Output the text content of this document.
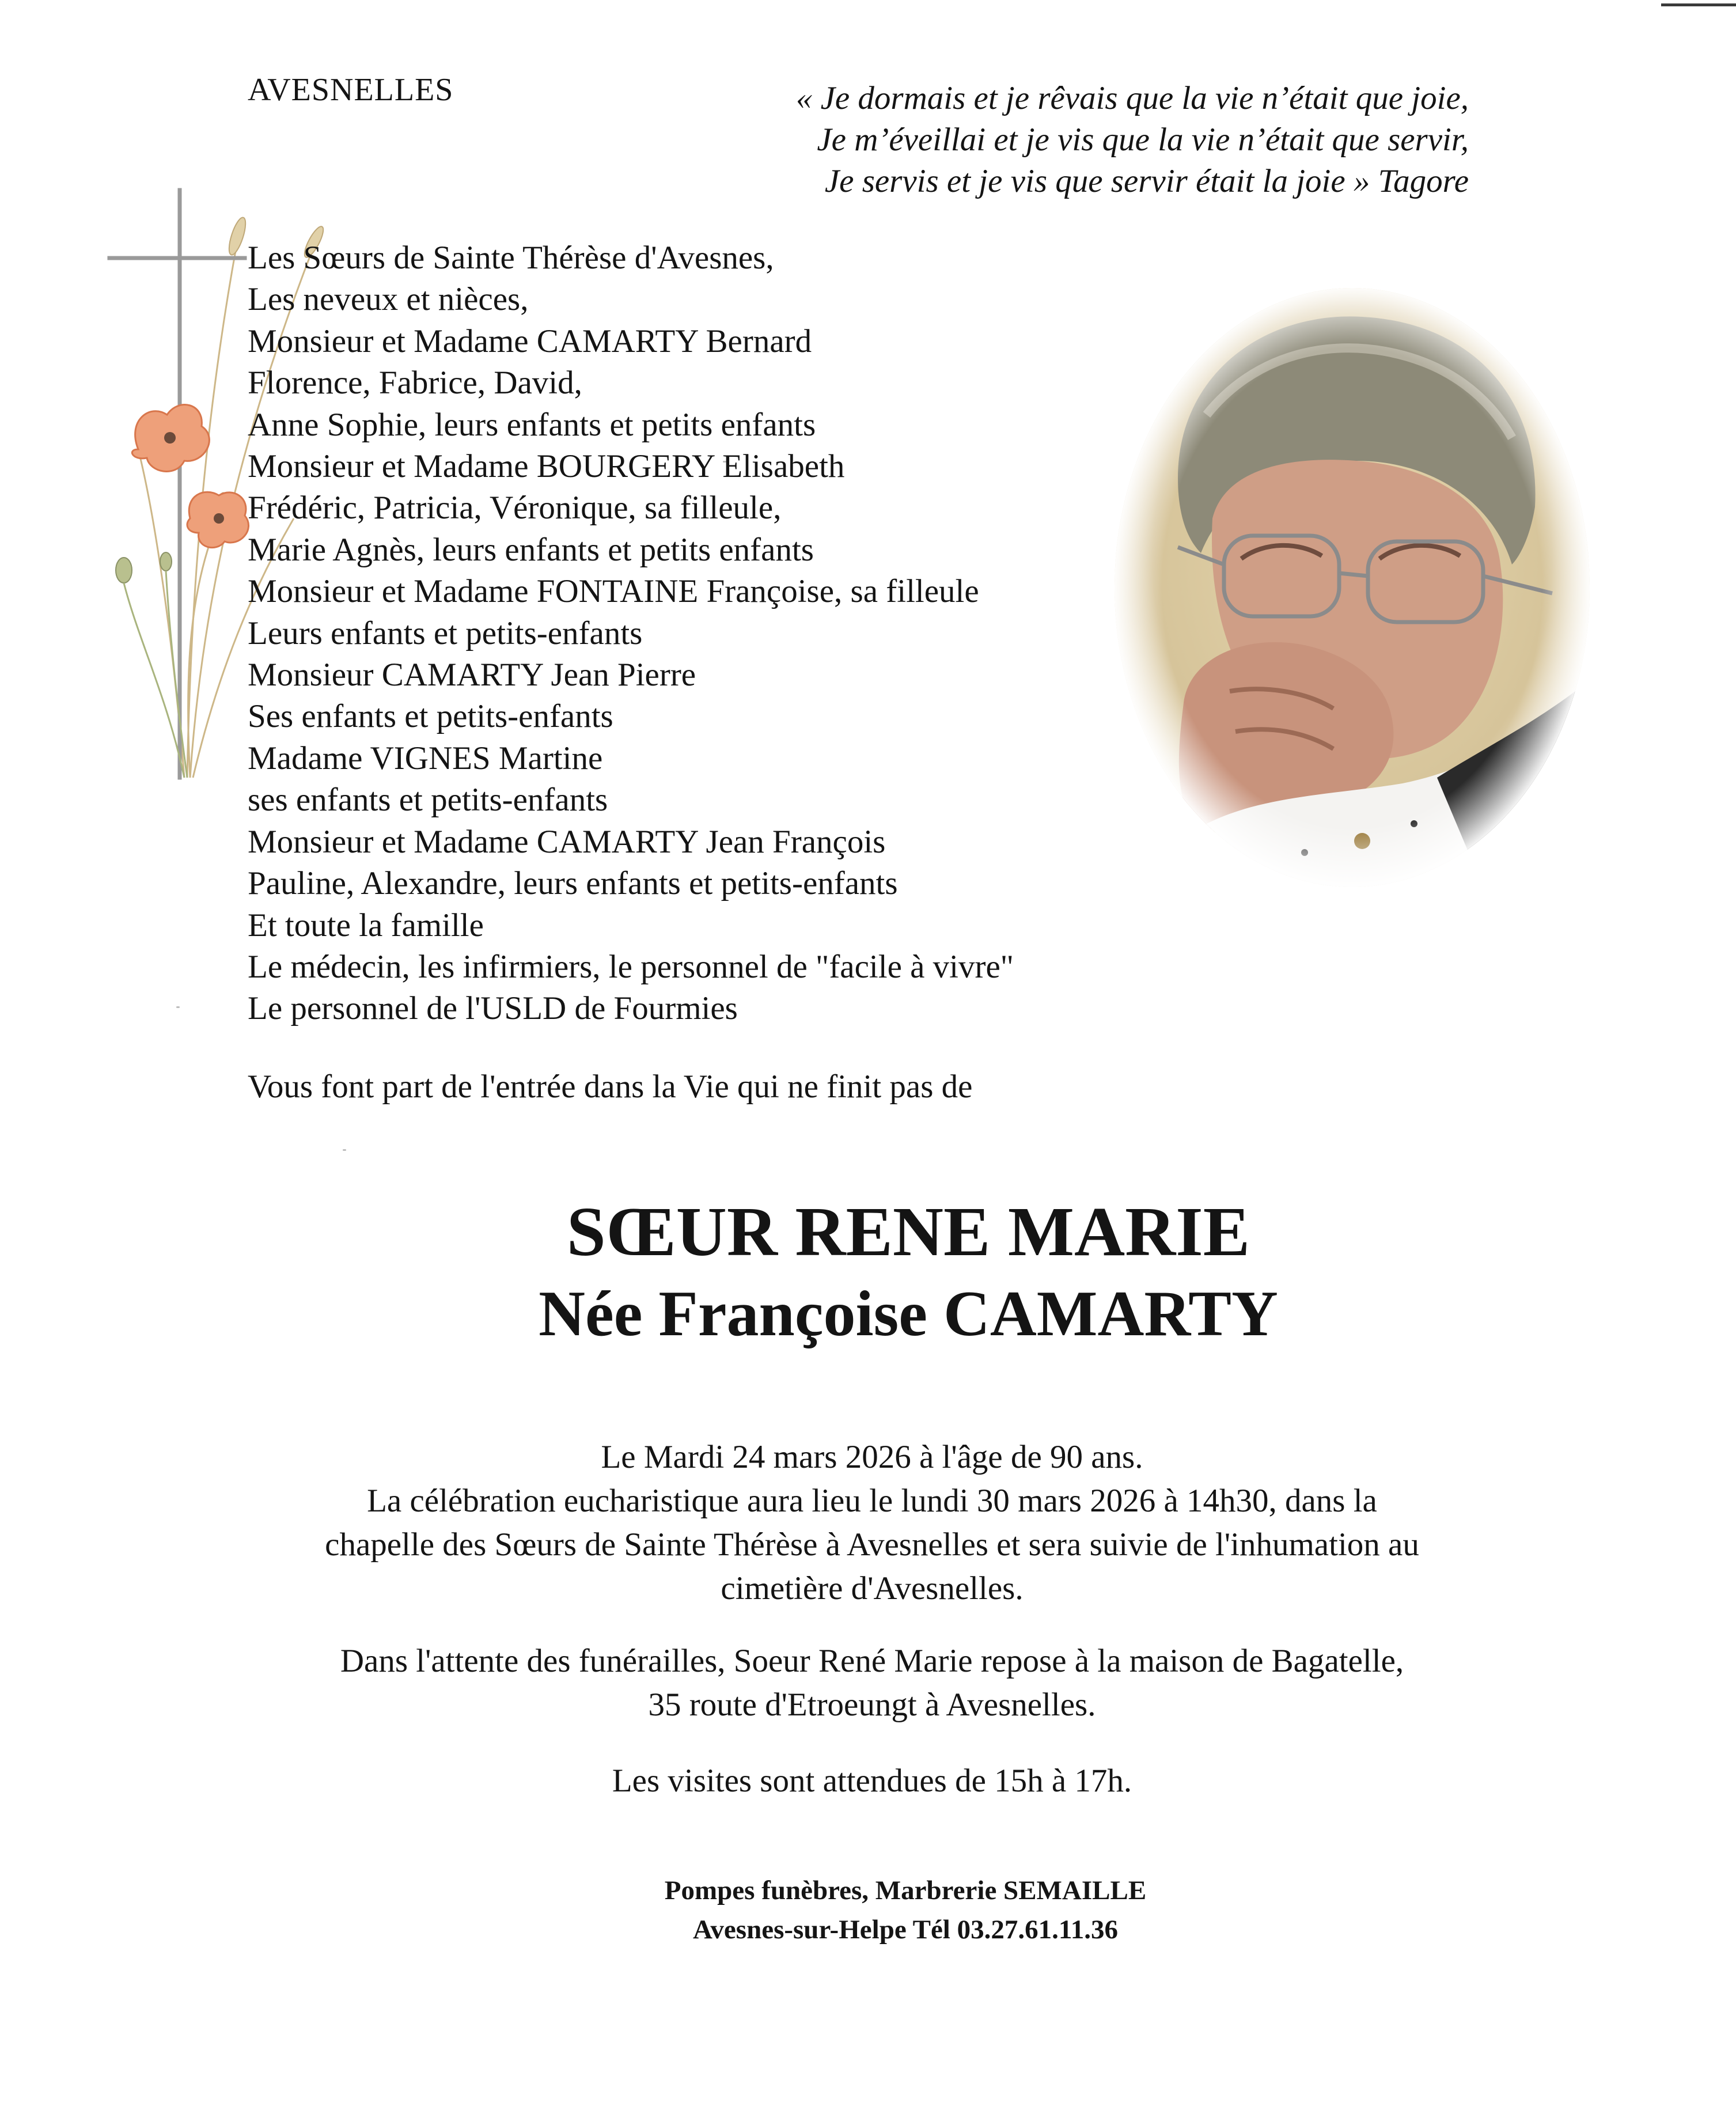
AVESNELLES	« Je dormais et je rêvais que la vie n’était que joie,
Je m’éveillai et je vis que la vie n’était que servir,
Je servis et je vis que servir était la joie » Tagore
Les Sœurs de Sainte Thérèse d'Avesnes,
Les neveux et nièces,
Monsieur et Madame CAMARTY Bernard
Florence, Fabrice, David,
Anne Sophie, leurs enfants et petits enfants
Monsieur et Madame BOURGERY Elisabeth
Frédéric, Patricia, Véronique, sa filleule,
Marie Agnès, leurs enfants et petits enfants
Monsieur et Madame FONTAINE Françoise, sa filleule
Leurs enfants et petits-enfants
Monsieur CAMARTY Jean Pierre
Ses enfants et petits-enfants
Madame VIGNES Martine
ses enfants et petits-enfants
Monsieur et Madame CAMARTY Jean François
Pauline, Alexandre, leurs enfants et petits-enfants
Et toute la famille
Le médecin, les infirmiers, le personnel de "facile à vivre"
Le personnel de l'USLD de Fourmies
Vous font part de l'entrée dans la Vie qui ne finit pas de
SŒUR RENE MARIE
Née Françoise CAMARTY
Le Mardi 24 mars 2026 à l'âge de 90 ans.
La célébration eucharistique aura lieu le lundi 30 mars 2026 à 14h30, dans la
chapelle des Sœurs de Sainte Thérèse à Avesnelles et sera suivie de l'inhumation au
cimetière d'Avesnelles.
Dans l'attente des funérailles, Soeur René Marie repose à la maison de Bagatelle,
35 route d'Etroeungt à Avesnelles.
Les visites sont attendues de 15h à 17h.
Pompes funèbres, Marbrerie SEMAILLE
Avesnes-sur-Helpe Tél 03.27.61.11.36
